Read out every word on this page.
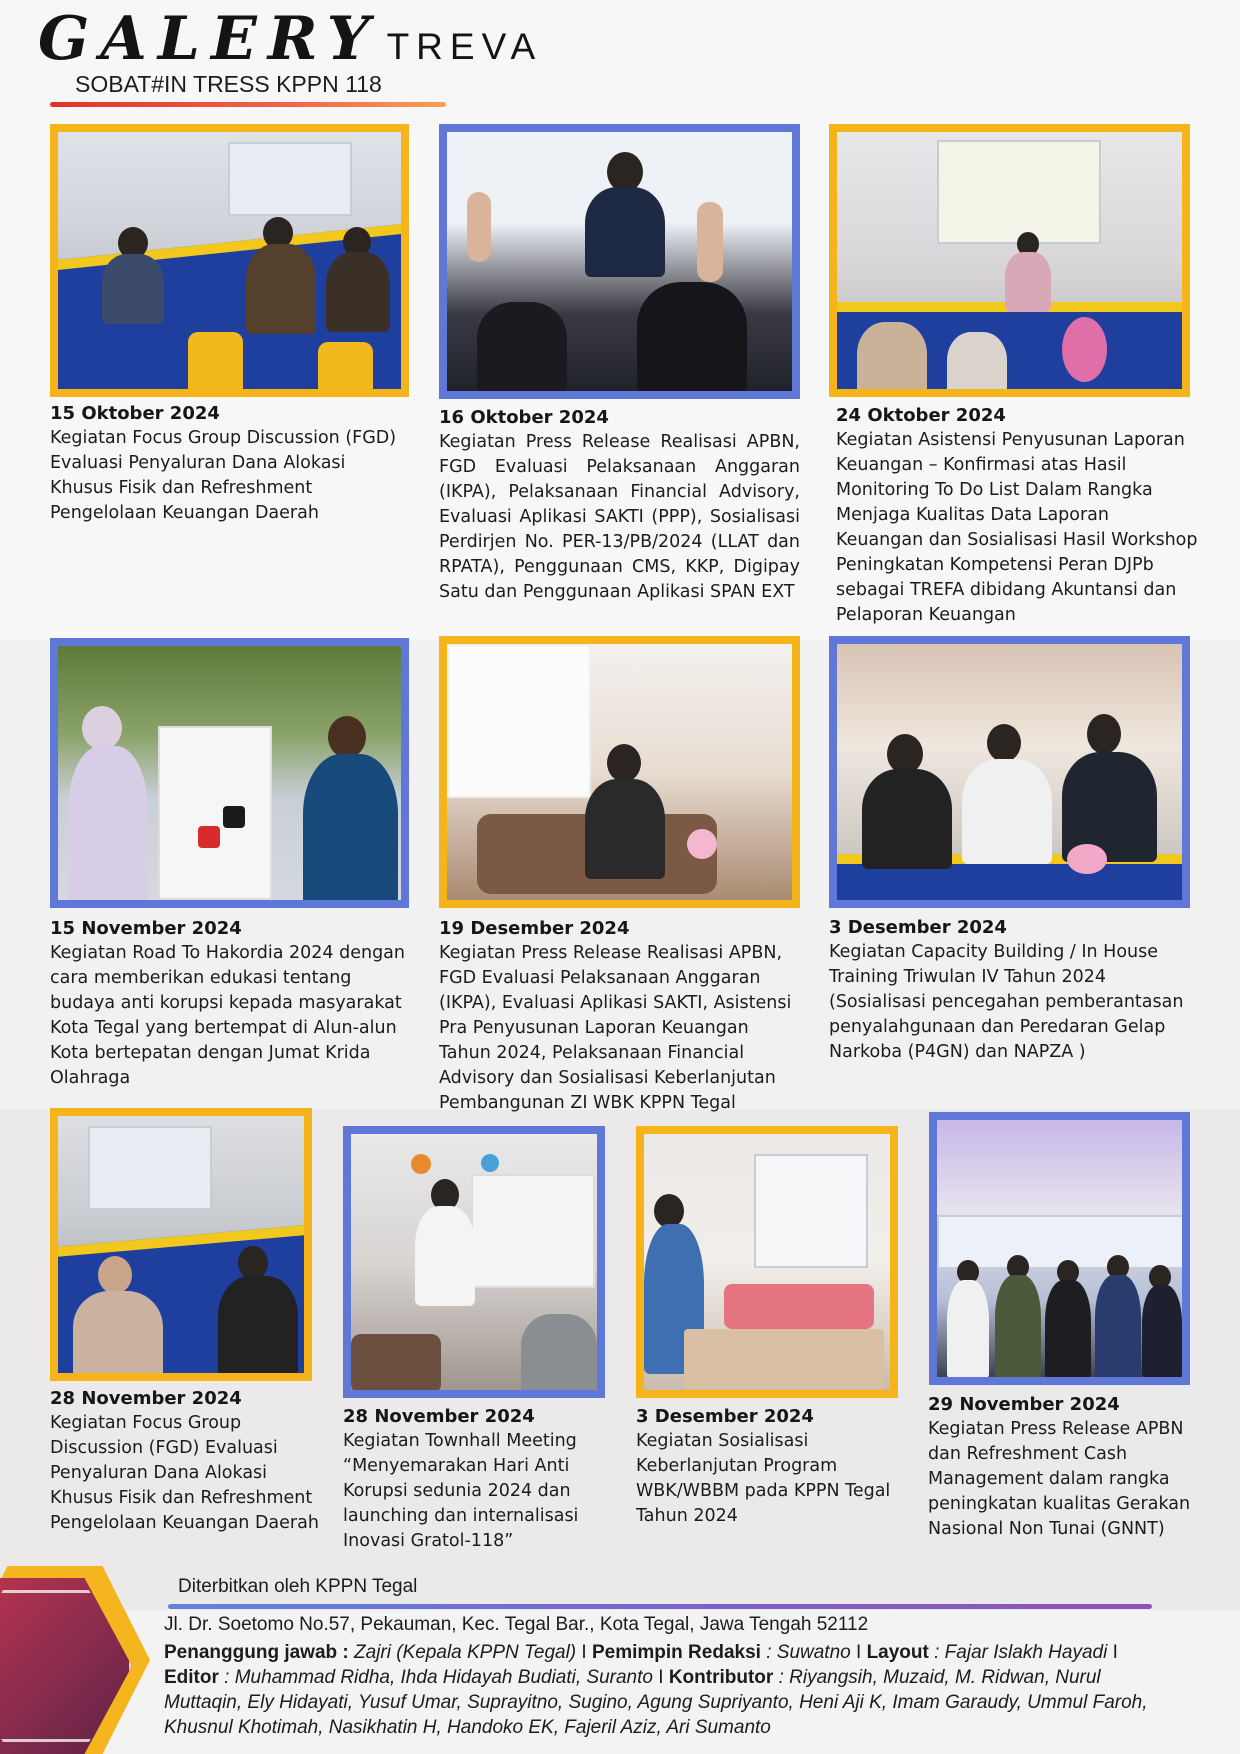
GALERY TREVA
SOBAT#IN TRESS KPPN 118
15 Oktober 2024
Kegiatan Focus Group Discussion (FGD) Evaluasi Penyaluran Dana Alokasi Khusus Fisik dan Refreshment Pengelolaan Keuangan Daerah
16 Oktober 2024
Kegiatan Press Release Realisasi APBN, FGD Evaluasi Pelaksanaan Anggaran (IKPA), Pelaksanaan Financial Advisory, Evaluasi Aplikasi SAKTI (PPP), Sosialisasi Perdirjen No. PER-13/PB/2024 (LLAT dan RPATA), Penggunaan CMS, KKP, Digipay Satu dan Penggunaan Aplikasi SPAN EXT
24 Oktober 2024
Kegiatan Asistensi Penyusunan Laporan Keuangan – Konfirmasi atas Hasil Monitoring To Do List Dalam Rangka Menjaga Kualitas Data Laporan Keuangan dan Sosialisasi Hasil Workshop Peningkatan Kompetensi Peran DJPb sebagai TREFA dibidang Akuntansi dan Pelaporan Keuangan
15 November 2024
Kegiatan Road To Hakordia 2024 dengan cara memberikan edukasi tentang budaya anti korupsi kepada masyarakat Kota Tegal yang bertempat di Alun-alun Kota bertepatan dengan Jumat Krida Olahraga
19 Desember 2024
Kegiatan Press Release Realisasi APBN, FGD Evaluasi Pelaksanaan Anggaran (IKPA), Evaluasi Aplikasi SAKTI, Asistensi Pra Penyusunan Laporan Keuangan Tahun 2024, Pelaksanaan Financial Advisory dan Sosialisasi Keberlanjutan Pembangunan ZI WBK KPPN Tegal
3 Desember 2024
Kegiatan Capacity Building / In House Training Triwulan IV Tahun 2024 (Sosialisasi pencegahan pemberantasan penyalahgunaan dan Peredaran Gelap Narkoba (P4GN) dan NAPZA )
28 November 2024
Kegiatan Focus Group Discussion (FGD) Evaluasi Penyaluran Dana Alokasi Khusus Fisik dan Refreshment Pengelolaan Keuangan Daerah
28 November 2024
Kegiatan Townhall Meeting “Menyemarakan Hari Anti Korupsi sedunia 2024 dan launching dan internalisasi Inovasi Gratol-118”
3 Desember 2024
Kegiatan Sosialisasi Keberlanjutan Program WBK/WBBM pada KPPN Tegal Tahun 2024
29 November 2024
Kegiatan Press Release APBN dan Refreshment Cash Management dalam rangka peningkatan kualitas Gerakan Nasional Non Tunai (GNNT)
Diterbitkan oleh KPPN Tegal
Jl. Dr. Soetomo No.57, Pekauman, Kec. Tegal Bar., Kota Tegal, Jawa Tengah 52112
Penanggung jawab : Zajri (Kepala KPPN Tegal) I Pemimpin Redaksi : Suwatno I Layout : Fajar Islakh Hayadi I Editor : Muhammad Ridha, Ihda Hidayah Budiati, Suranto I Kontributor : Riyangsih, Muzaid, M. Ridwan, Nurul Muttaqin, Ely Hidayati, Yusuf Umar, Suprayitno, Sugino, Agung Supriyanto, Heni Aji K, Imam Garaudy, Ummul Faroh, Khusnul Khotimah, Nasikhatin H, Handoko EK, Fajeril Aziz, Ari Sumanto
